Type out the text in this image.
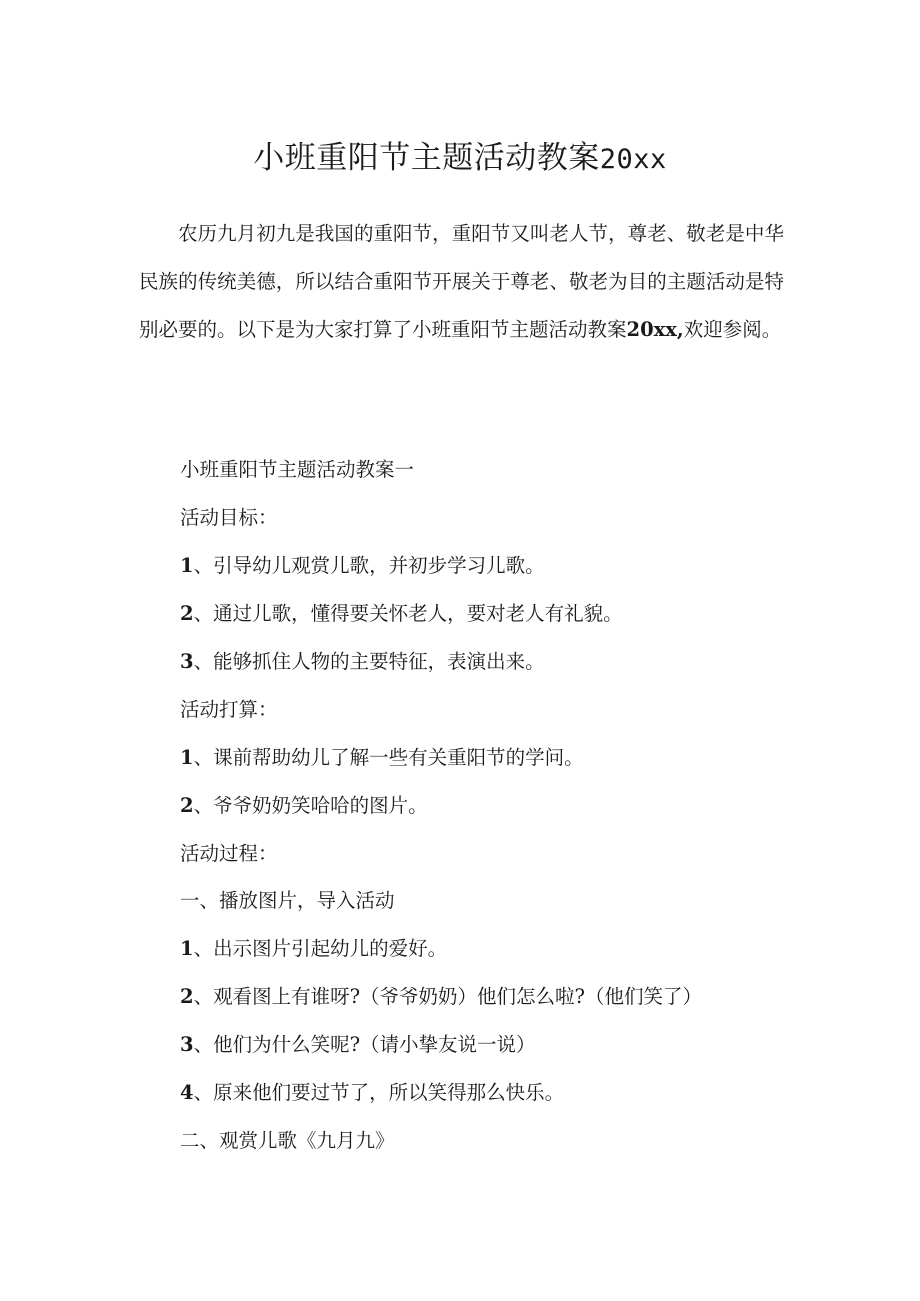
小班重阳节主题活动教案20xx

农历九月初九是我国的重阳节，重阳节又叫老人节，尊老、敬老是中华民族的传统美德，所以结合重阳节开展关于尊老、敬老为目的主题活动是特别必要的。以下是为大家打算了小班重阳节主题活动教案20xx,欢迎参阅。

小班重阳节主题活动教案一

活动目标：

1、引导幼儿观赏儿歌，并初步学习儿歌。

2、通过儿歌，懂得要关怀老人，要对老人有礼貌。

3、能够抓住人物的主要特征，表演出来。

活动打算：

1、课前帮助幼儿了解一些有关重阳节的学问。

2、爷爷奶奶笑哈哈的图片。

活动过程：

一、播放图片，导入活动

1、出示图片引起幼儿的爱好。

2、观看图上有谁呀?（爷爷奶奶）他们怎么啦?（他们笑了）

3、他们为什么笑呢?（请小挚友说一说）

4、原来他们要过节了，所以笑得那么快乐。

二、观赏儿歌《九月九》
